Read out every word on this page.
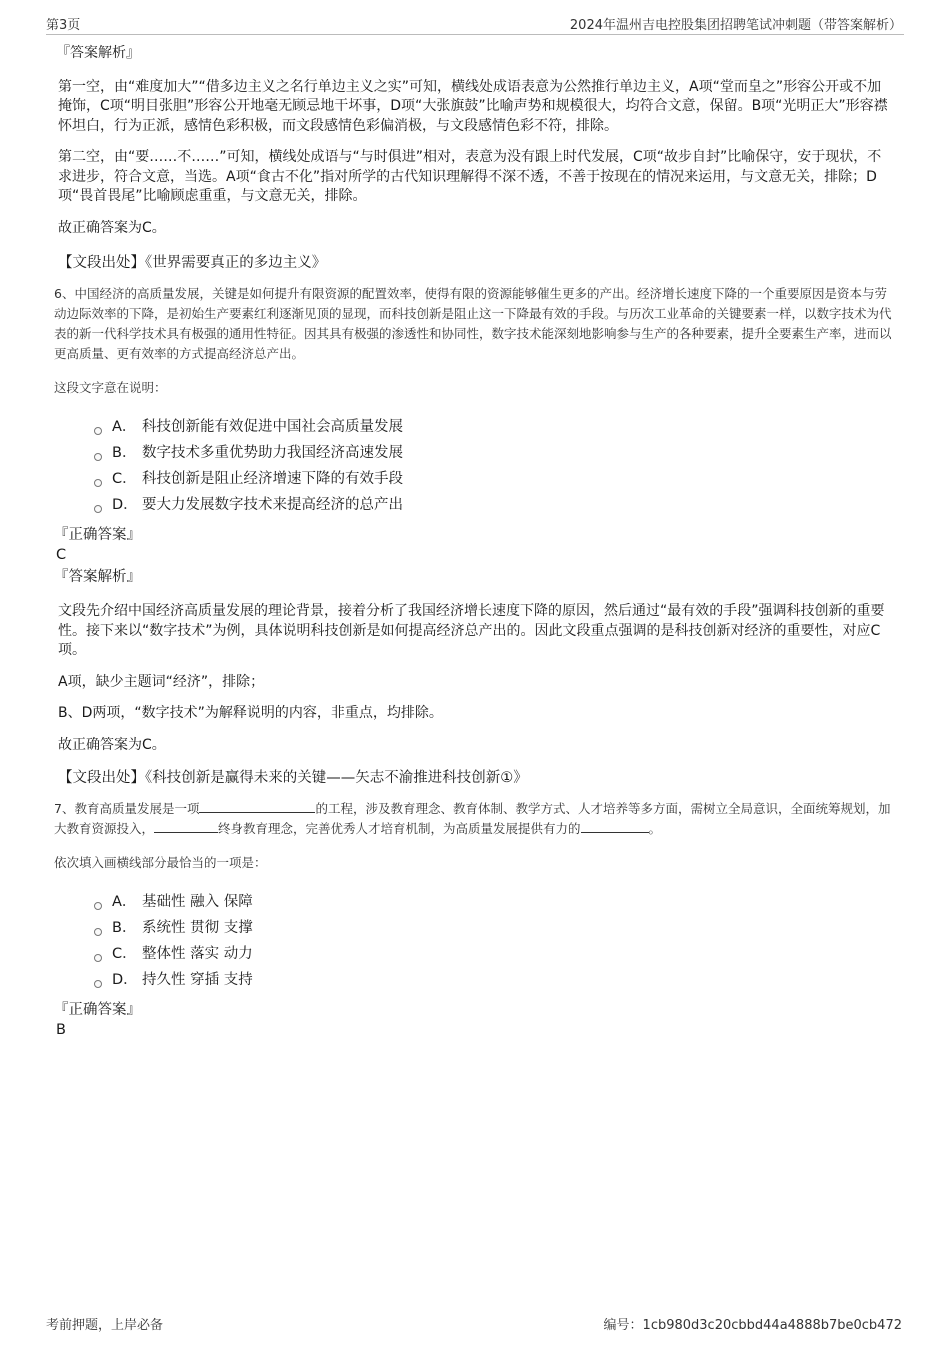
第3页	2024年温州吉电控股集团招聘笔试冲刺题（带答案解析）

『答案解析』

第一空，由“难度加大”“借多边主义之名行单边主义之实”可知，横线处成语表意为公然推行单边主义，A项“堂而皇之”形容公开或不加掩饰，C项“明目张胆”形容公开地毫无顾忌地干坏事，D项“大张旗鼓”比喻声势和规模很大，均符合文意，保留。B项“光明正大”形容襟怀坦白，行为正派，感情色彩积极，而文段感情色彩偏消极，与文段感情色彩不符，排除。

第二空，由“要……不……”可知，横线处成语与“与时俱进”相对，表意为没有跟上时代发展，C项“故步自封”比喻保守，安于现状，不求进步，符合文意，当选。A项“食古不化”指对所学的古代知识理解得不深不透，不善于按现在的情况来运用，与文意无关，排除；D项“畏首畏尾”比喻顾虑重重，与文意无关，排除。

故正确答案为C。

【文段出处】《世界需要真正的多边主义》
6、中国经济的高质量发展，关键是如何提升有限资源的配置效率，使得有限的资源能够催生更多的产出。经济增长速度下降的一个重要原因是资本与劳动边际效率的下降，是初始生产要素红利逐渐见顶的显现，而科技创新是阻止这一下降最有效的手段。与历次工业革命的关键要素一样，以数字技术为代表的新一代科学技术具有极强的通用性特征。因其具有极强的渗透性和协同性，数字技术能深刻地影响参与生产的各种要素，提升全要素生产率，进而以更高质量、更有效率的方式提高经济总产出。
这段文字意在说明：
A． 科技创新能有效促进中国社会高质量发展
B． 数字技术多重优势助力我国经济高速发展
C． 科技创新是阻止经济增速下降的有效手段
D． 要大力发展数字技术来提高经济的总产出

『正确答案』

C

『答案解析』

文段先介绍中国经济高质量发展的理论背景，接着分析了我国经济增长速度下降的原因，然后通过“最有效的手段”强调科技创新的重要性。接下来以“数字技术”为例，具体说明科技创新是如何提高经济总产出的。因此文段重点强调的是科技创新对经济的重要性，对应C项。

A项，缺少主题词“经济”，排除；

B、D两项，“数字技术”为解释说明的内容，非重点，均排除。

故正确答案为C。

【文段出处】《科技创新是赢得未来的关键——矢志不渝推进科技创新①》
7、教育高质量发展是一项	的工程，涉及教育理念、教育体制、教学方式、人才培养等多方面，需树立全局意识，全面统筹规划，加大教育资源投入，	终身教育理念，完善优秀人才培育机制，为高质量发展提供有力的	。
依次填入画横线部分最恰当的一项是：
A． 基础性 融入 保障
B． 系统性 贯彻 支撑
C． 整体性 落实 动力
D． 持久性 穿插 支持

『正确答案』

B

考前押题，上岸必备	编号：1cb980d3c20cbbd44a4888b7be0cb472
